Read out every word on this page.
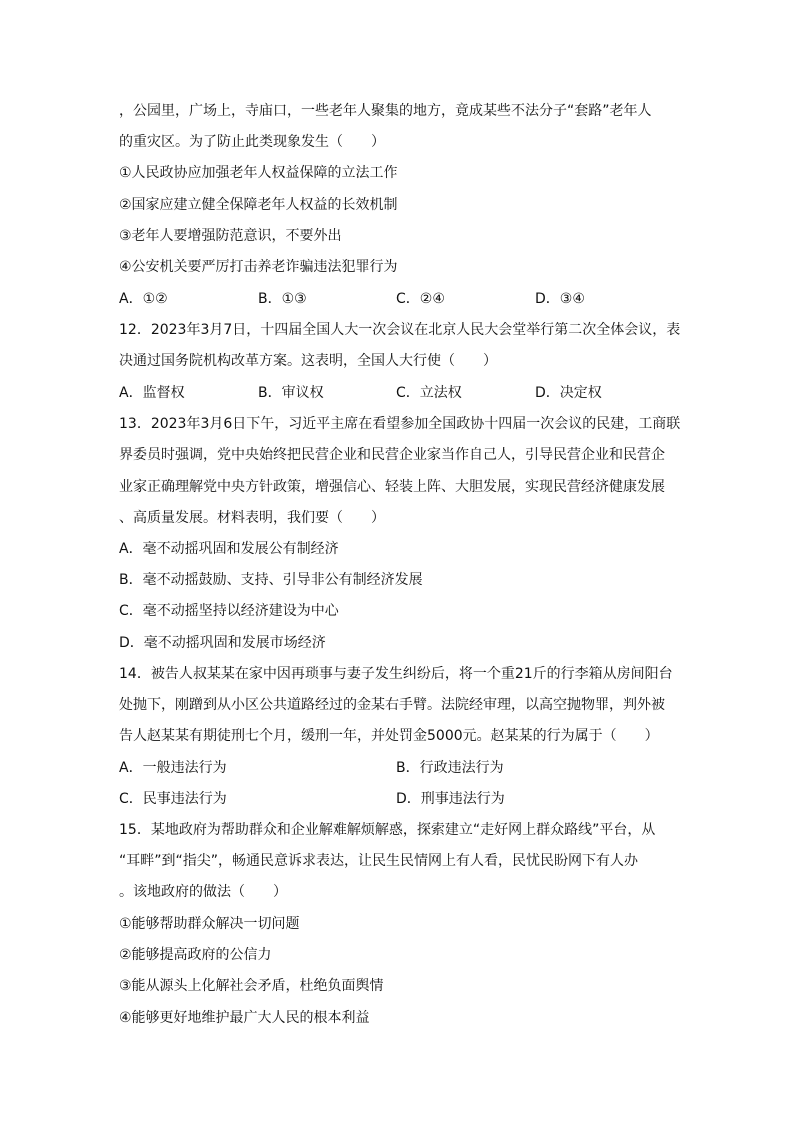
，公园里，广场上，寺庙口，一些老年人聚集的地方，竟成某些不法分子“套路”老年人
的重灾区。为了防止此类现象发生（　　）
①人民政协应加强老年人权益保障的立法工作
②国家应建立健全保障老年人权益的长效机制
③老年人要增强防范意识，不要外出
④公安机关要严厉打击养老诈骗违法犯罪行为
A．①②	B．①③	C．②④	D．③④
12．2023年3月7日，十四届全国人大一次会议在北京人民大会堂举行第二次全体会议，表
决通过国务院机构改革方案。这表明，全国人大行使（　　）
A．监督权	B．审议权	C．立法权	D．决定权
13．2023年3月6日下午，习近平主席在看望参加全国政协十四届一次会议的民建，工商联
界委员时强调，党中央始终把民营企业和民营企业家当作自己人，引导民营企业和民营企
业家正确理解党中央方针政策，增强信心、轻装上阵、大胆发展，实现民营经济健康发展
、高质量发展。材料表明，我们要（　　）
A．毫不动摇巩固和发展公有制经济
B．毫不动摇鼓励、支持、引导非公有制经济发展
C．毫不动摇坚持以经济建设为中心
D．毫不动摇巩固和发展市场经济
14．被告人叔某某在家中因再琐事与妻子发生纠纷后，将一个重21斤的行李箱从房间阳台
处抛下，刚蹭到从小区公共道路经过的金某右手臂。法院经审理，以高空抛物罪，判外被
告人赵某某有期徒刑七个月，缓刑一年，并处罚金5000元。赵某某的行为属于（　　）
A．一般违法行为	B．行政违法行为
C．民事违法行为	D．刑事违法行为
15．某地政府为帮助群众和企业解难解烦解惑，探索建立“走好网上群众路线”平台，从
“耳畔”到“指尖”，畅通民意诉求表达，让民生民情网上有人看，民忧民盼网下有人办
。该地政府的做法（　　）
①能够帮助群众解决一切问题
②能够提高政府的公信力
③能从源头上化解社会矛盾，杜绝负面舆情
④能够更好地维护最广大人民的根本利益
